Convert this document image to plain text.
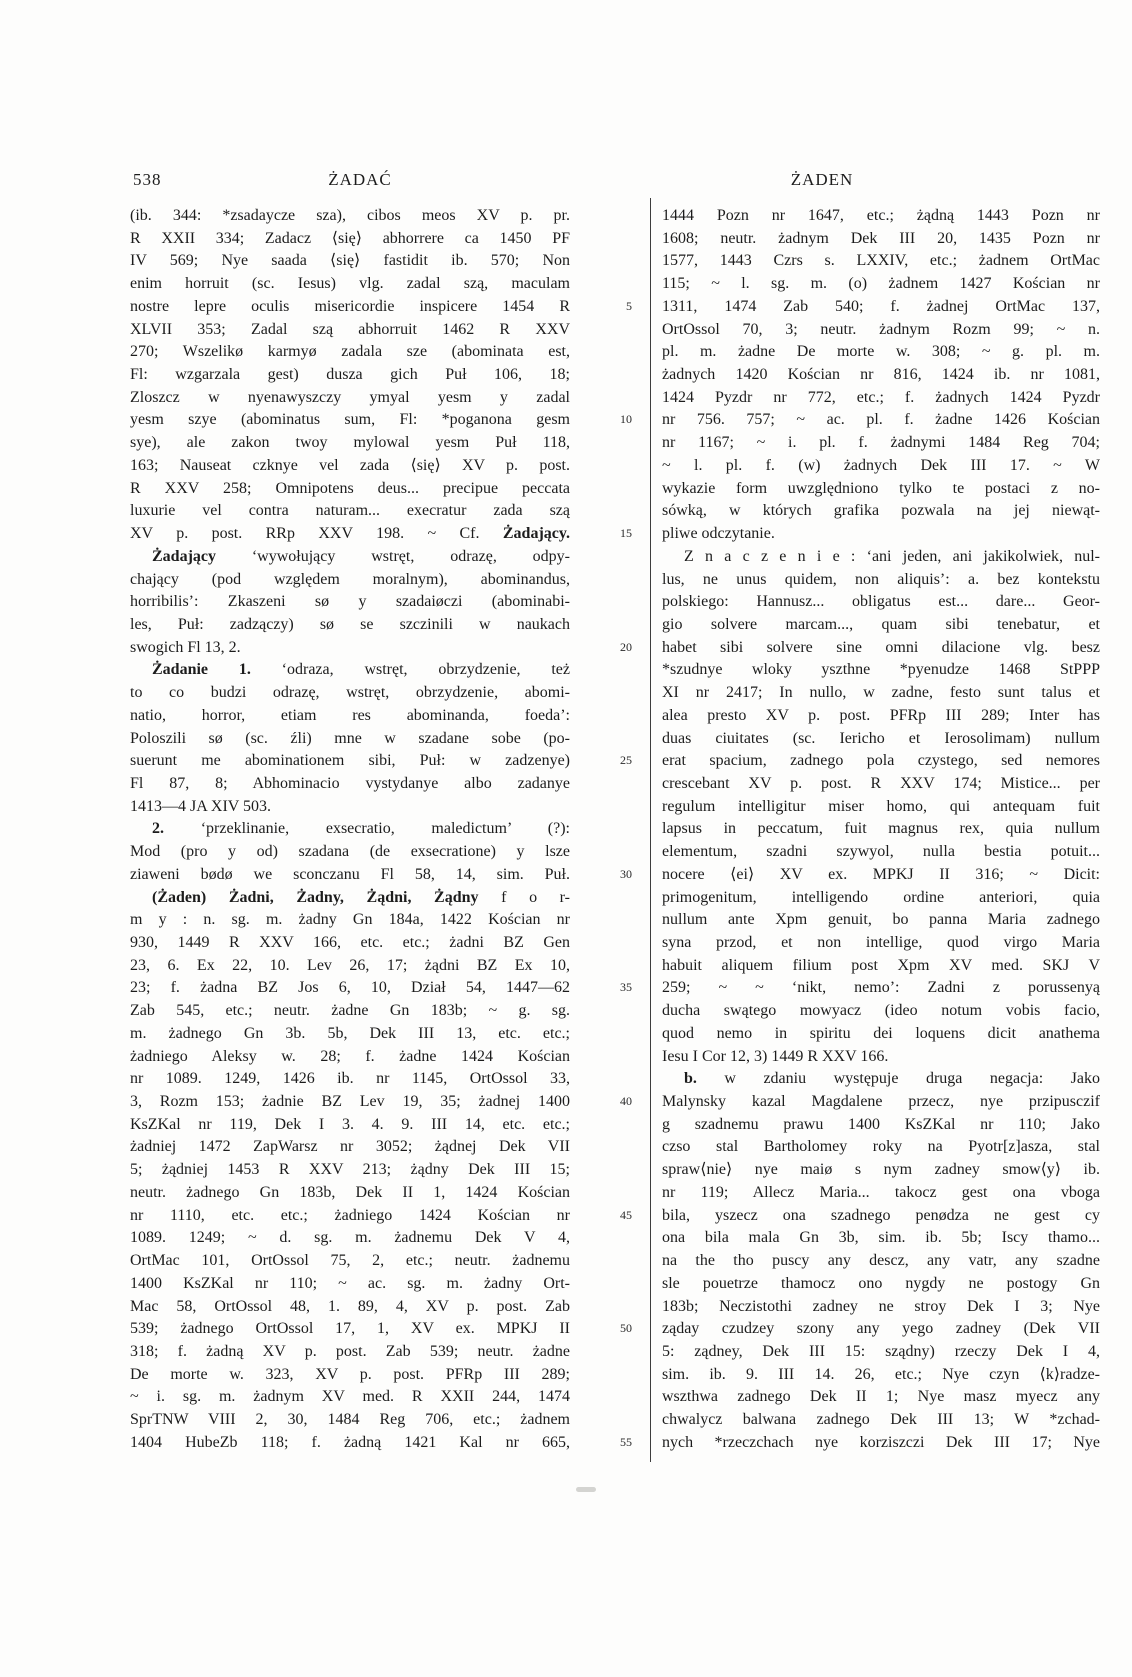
538	ŻADAĆ	ŻADEN
(ib. 344: *zsadaycze sza), cibos meos XV p. pr.
R XXII 334; Zadacz ⟨się⟩ abhorrere ca 1450 PF
IV 569; Nye saada ⟨się⟩ fastidit ib. 570; Non
enim horruit (sc. Iesus) vlg. zadal szą, maculam
nostre lepre oculis misericordie inspicere 1454 R
XLVII 353; Zadal szą abhorruit 1462 R XXV
270; Wszelikø karmyø zadala sze (abominata est,
Fl: wzgarzala gest) dusza gich Puł 106, 18;
Zloszcz w nyenawyszczy ymyal yesm y zadal
yesm szye (abominatus sum, Fl: *poganona gesm
sye), ale zakon twoy mylowal yesm Puł 118,
163; Nauseat czknye vel zada ⟨się⟩ XV p. post.
R XXV 258; Omnipotens deus... precipue peccata
luxurie vel contra naturam... execratur zada szą
XV p. post. RRp XXV 198. ~ Cf. Żadający.
Żadający ‘wywołujący wstręt, odrazę, odpy-
chający (pod względem moralnym), abominandus,
horribilis’: Zkaszeni sø y szadaiøczi (abominabi-
les, Puł: zadzączy) sø se szczinili w naukach
swogich Fl 13, 2.
Żadanie 1. ‘odraza, wstręt, obrzydzenie, też
to co budzi odrazę, wstręt, obrzydzenie, abomi-
natio, horror, etiam res abominanda, foeda’:
Poloszili sø (sc. źli) mne w szadane sobe (po-
suerunt me abominationem sibi, Puł: w zadzenye)
Fl 87, 8; Abhominacio vystydanye albo zadanye
1413—4 JA XIV 503.
2. ‘przeklinanie, exsecratio, maledictum’ (?):
Mod (pro y od) szadana (de exsecratione) y lsze
ziaweni bødø we sconczanu Fl 58, 14, sim. Puł.
(Żaden) Żadni, Żadny, Żądni, Żądny f o r-
m y : n. sg. m. żadny Gn 184a, 1422 Kościan nr
930, 1449 R XXV 166, etc. etc.; żadni BZ Gen
23, 6. Ex 22, 10. Lev 26, 17; żądni BZ Ex 10,
23; f. żadna BZ Jos 6, 10, Dział 54, 1447—62
Zab 545, etc.; neutr. żadne Gn 183b; ~ g. sg.
m. żadnego Gn 3b. 5b, Dek III 13, etc. etc.;
żadniego Aleksy w. 28; f. żadne 1424 Kościan
nr 1089. 1249, 1426 ib. nr 1145, OrtOssol 33,
3, Rozm 153; żadnie BZ Lev 19, 35; żadnej 1400
KsZKal nr 119, Dek I 3. 4. 9. III 14, etc. etc.;
żadniej 1472 ZapWarsz nr 3052; żądnej Dek VII
5; żądniej 1453 R XXV 213; żądny Dek III 15;
neutr. żadnego Gn 183b, Dek II 1, 1424 Kościan
nr 1110, etc. etc.; żadniego 1424 Kościan nr
1089. 1249; ~ d. sg. m. żadnemu Dek V 4,
OrtMac 101, OrtOssol 75, 2, etc.; neutr. żadnemu
1400 KsZKal nr 110; ~ ac. sg. m. żadny Ort-
Mac 58, OrtOssol 48, 1. 89, 4, XV p. post. Zab
539; żadnego OrtOssol 17, 1, XV ex. MPKJ II
318; f. żadną XV p. post. Zab 539; neutr. żadne
De morte w. 323, XV p. post. PFRp III 289;
~ i. sg. m. żadnym XV med. R XXII 244, 1474
SprTNW VIII 2, 30, 1484 Reg 706, etc.; żadnem
1404 HubeZb 118; f. żadną 1421 Kal nr 665,
5
10
15
20
25
30
35
40
45
50
55
1444 Pozn nr 1647, etc.; żądną 1443 Pozn nr
1608; neutr. żadnym Dek III 20, 1435 Pozn nr
1577, 1443 Czrs s. LXXIV, etc.; żadnem OrtMac
115; ~ l. sg. m. (o) żadnem 1427 Kościan nr
1311, 1474 Zab 540; f. żadnej OrtMac 137,
OrtOssol 70, 3; neutr. żadnym Rozm 99; ~ n.
pl. m. żadne De morte w. 308; ~ g. pl. m.
żadnych 1420 Kościan nr 816, 1424 ib. nr 1081,
1424 Pyzdr nr 772, etc.; f. żadnych 1424 Pyzdr
nr 756. 757; ~ ac. pl. f. żadne 1426 Kościan
nr 1167; ~ i. pl. f. żadnymi 1484 Reg 704;
~ l. pl. f. (w) żadnych Dek III 17. ~ W
wykazie form uwzględniono tylko te postaci z no-
sówką, w których grafika pozwala na jej niewąt-
pliwe odczytanie.
Z n a c z e n i e : ‘ani jeden, ani jakikolwiek, nul-
lus, ne unus quidem, non aliquis’: a. bez kontekstu
polskiego: Hannusz... obligatus est... dare... Geor-
gio solvere marcam..., quam sibi tenebatur, et
habet sibi solvere sine omni dilacione vlg. besz
*szudnye wloky yszthne *pyenudze 1468 StPPP
XI nr 2417; In nullo, w zadne, festo sunt talus et
alea presto XV p. post. PFRp III 289; Inter has
duas ciuitates (sc. Iericho et Ierosolimam) nullum
erat spacium, zadnego pola czystego, sed nemores
crescebant XV p. post. R XXV 174; Mistice... per
regulum intelligitur miser homo, qui antequam fuit
lapsus in peccatum, fuit magnus rex, quia nullum
elementum, szadni szywyol, nulla bestia potuit...
nocere ⟨ei⟩ XV ex. MPKJ II 316; ~ Dicit:
primogenitum, intelligendo ordine anteriori, quia
nullum ante Xpm genuit, bo panna Maria zadnego
syna przod, et non intellige, quod virgo Maria
habuit aliquem filium post Xpm XV med. SKJ V
259; ~ ~ ‘nikt, nemo’: Zadni z porussenyą
ducha swątego mowyacz (ideo notum vobis facio,
quod nemo in spiritu dei loquens dicit anathema
Iesu I Cor 12, 3) 1449 R XXV 166.
b. w zdaniu występuje druga negacja: Jako
Malynsky kazal Magdalene przecz, nye przipusczif
g szadnemu prawu 1400 KsZKal nr 110; Jako
czso stal Bartholomey roky na Pyotr[z]asza, stal
spraw⟨nie⟩ nye maiø s nym zadney smow⟨y⟩ ib.
nr 119; Allecz Maria... takocz gest ona vboga
bila, yszecz ona szadnego penødza ne gest cy
ona bila mala Gn 3b, sim. ib. 5b; Iscy thamo...
na the tho puscy any descz, any vatr, any szadne
sle pouetrze thamocz ono nygdy ne postogy Gn
183b; Neczistothi zadney ne stroy Dek I 3; Nye
ząday czudzey szony any yego zadney (Dek VII
5: ządney, Dek III 15: sządny) rzeczy Dek I 4,
sim. ib. 9. III 14. 26, etc.; Nye czyn ⟨k⟩radze-
wszthwa zadnego Dek II 1; Nye masz myecz any
chwalycz balwana zadnego Dek III 13; W *zchad-
nych *rzeczchach nye korziszczi Dek III 17; Nye
